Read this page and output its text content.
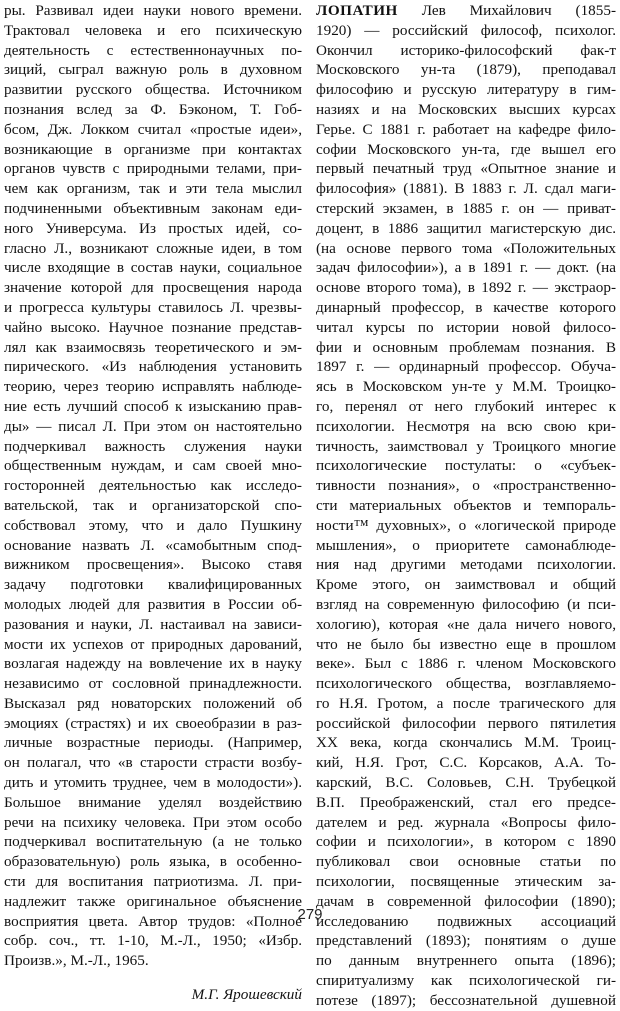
ры. Развивал идеи науки нового времени.
Трактовал человека и его психическую
деятельность с естественнонаучных по-
зиций, сыграл важную роль в духовном
развитии русского общества. Источником
познания вслед за Ф. Бэконом, Т. Гоб-
бсом, Дж. Локком считал «простые идеи»,
возникающие в организме при контактах
органов чувств с природными телами, при-
чем как организм, так и эти тела мыслил
подчиненными объективным законам еди-
ного Универсума. Из простых идей, со-
гласно Л., возникают сложные идеи, в том
числе входящие в состав науки, социальное
значение которой для просвещения народа
и прогресса культуры ставилось Л. чрезвы-
чайно высоко. Научное познание представ-
лял как взаимосвязь теоретического и эм-
пирического. «Из наблюдения установить
теорию, через теорию исправлять наблюде-
ние есть лучший способ к изысканию прав-
ды» — писал Л. При этом он настоятельно
подчеркивал важность служения науки
общественным нуждам, и сам своей мно-
госторонней деятельностью как исследо-
вательской, так и организаторской спо-
собствовал этому, что и дало Пушкину
основание назвать Л. «самобытным спод-
вижником просвещения». Высоко ставя
задачу подготовки квалифицированных
молодых людей для развития в России об-
разования и науки, Л. настаивал на зависи-
мости их успехов от природных дарований,
возлагая надежду на вовлечение их в науку
независимо от сословной принадлежности.
Высказал ряд новаторских положений об
эмоциях (страстях) и их своеобразии в раз-
личные возрастные периоды. (Например,
он полагал, что «в старости страсти возбу-
дить и утомить труднее, чем в молодости»).
Большое внимание уделял воздействию
речи на психику человека. При этом особо
подчеркивал воспитательную (а не только
образовательную) роль языка, в особенно-
сти для воспитания патриотизма. Л. при-
надлежит также оригинальное объяснение
восприятия цвета. Автор трудов: «Полное
собр. соч., тт. 1-10, М.-Л., 1950; «Избр.
Произв.», М.-Л., 1965.
М.Г. Ярошевский
ЛОПАТИН Лев Михайлович (1855-
1920) — российский философ, психолог.
Окончил историко-философский фак-т
Московского ун-та (1879), преподавал
философию и русскую литературу в гим-
назиях и на Московских высших курсах
Герье. С 1881 г. работает на кафедре фило-
софии Московского ун-та, где вышел его
первый печатный труд «Опытное знание и
философия» (1881). В 1883 г. Л. сдал маги-
стерский экзамен, в 1885 г. он — приват-
доцент, в 1886 защитил магистерскую дис.
(на основе первого тома «Положительных
задач философии»), а в 1891 г. — докт. (на
основе второго тома), в 1892 г. — экстраор-
динарный профессор, в качестве которого
читал курсы по истории новой филосо-
фии и основным проблемам познания. В
1897 г. — ординарный профессор. Обуча-
ясь в Московском ун-те у М.М. Троицко-
го, перенял от него глубокий интерес к
психологии. Несмотря на всю свою кри-
тичность, заимствовал у Троицкого многие
психологические постулаты: о «субъек-
тивности познания», о «пространственно-
сти материальных объектов и темпораль-
ности™ духовных», о «логической природе
мышления», о приоритете самонаблюде-
ния над другими методами психологии.
Кроме этого, он заимствовал и общий
взгляд на современную философию (и пси-
хологию), которая «не дала ничего нового,
что не было бы известно еще в прошлом
веке». Был с 1886 г. членом Московского
психологического общества, возглавляемо-
го Н.Я. Гротом, а после трагического для
российской философии первого пятилетия
XX века, когда скончались М.М. Троиц-
кий, Н.Я. Грот, С.С. Корсаков, А.А. То-
карский, В.С. Соловьев, С.Н. Трубецкой
В.П. Преображенский, стал его предсе-
дателем и ред. журнала «Вопросы фило-
софии и психологии», в котором с 1890
публиковал свои основные статьи по
психологии, посвященные этическим за-
дачам в современной философии (1890);
исследованию подвижных ассоциаций
представлений (1893); понятиям о душе
по данным внутреннего опыта (1896);
спиритуализму как психологической ги-
потезе (1897); бессознательной душевной
279
